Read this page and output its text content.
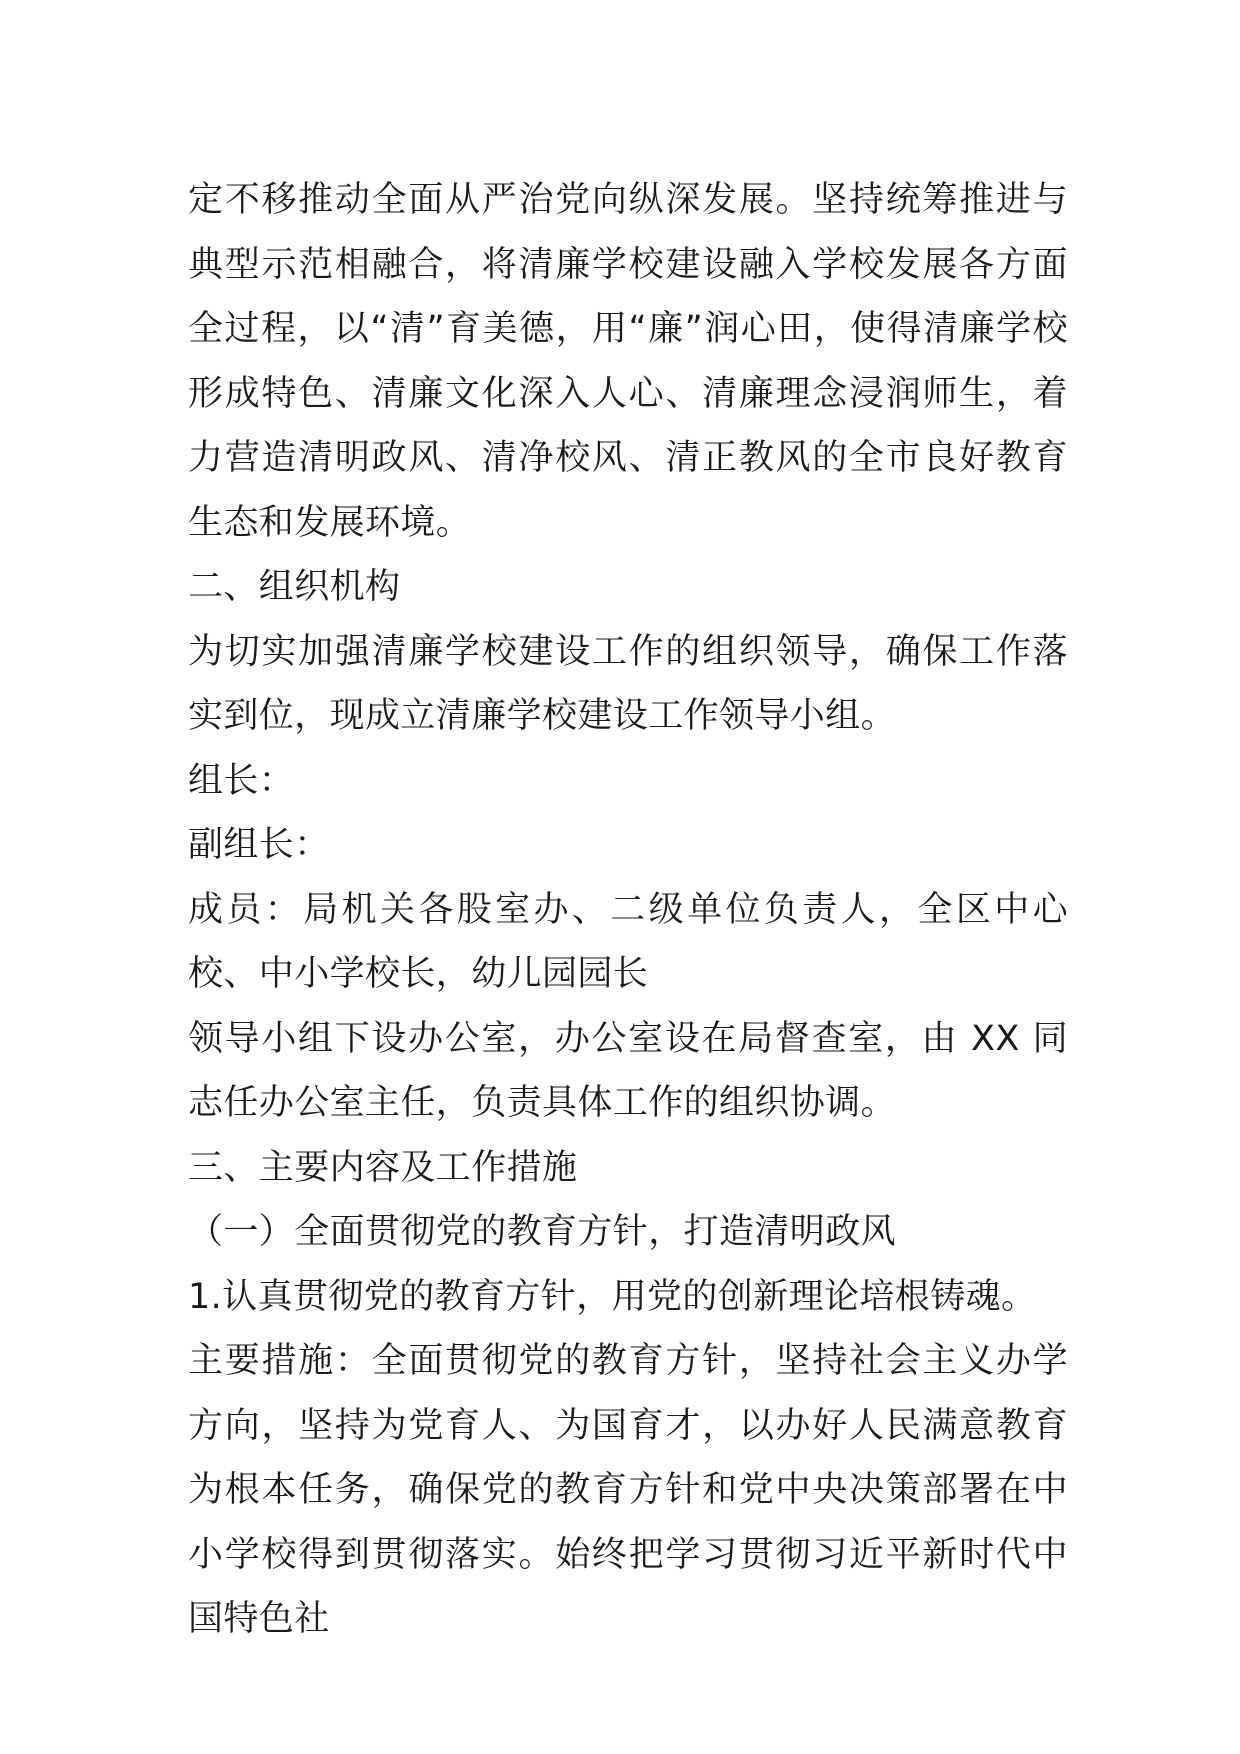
定不移推动全面从严治党向纵深发展。坚持统筹推进与典型示范相融合，将清廉学校建设融入学校发展各方面全过程，以“清”育美德，用“廉”润心田，使得清廉学校形成特色、清廉文化深入人心、清廉理念浸润师生，着力营造清明政风、清净校风、清正教风的全市良好教育生态和发展环境。

二、组织机构

为切实加强清廉学校建设工作的组织领导，确保工作落实到位，现成立清廉学校建设工作领导小组。

组长：

副组长：

成员：局机关各股室办、二级单位负责人，全区中心校、中小学校长，幼儿园园长

领导小组下设办公室，办公室设在局督查室，由 XX 同志任办公室主任，负责具体工作的组织协调。

三、主要内容及工作措施

（一）全面贯彻党的教育方针，打造清明政风

1.认真贯彻党的教育方针，用党的创新理论培根铸魂。

主要措施：全面贯彻党的教育方针，坚持社会主义办学方向，坚持为党育人、为国育才，以办好人民满意教育为根本任务，确保党的教育方针和党中央决策部署在中小学校得到贯彻落实。始终把学习贯彻习近平新时代中国特色社
